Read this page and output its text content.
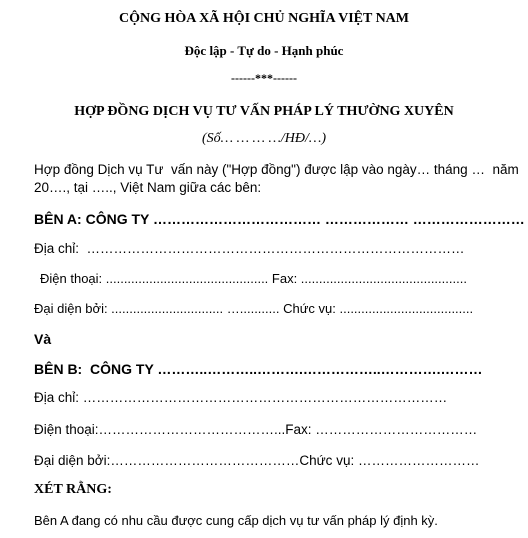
CỘNG HÒA XÃ HỘI CHỦ NGHĨA VIỆT NAM
Độc lập - Tự do - Hạnh phúc
------***------
HỢP ĐỒNG DỊCH VỤ TƯ VẤN PHÁP LÝ THƯỜNG XUYÊN
(Số… … … …/HĐ/…)
Hợp đồng Dịch vụ Tư  vấn này ("Hợp đồng") được lập vào ngày… tháng …  năm
20…., tại ….., Việt Nam giữa các bên:
BÊN A: CÔNG TY ……………………………… ……………… ……………………
Địa chỉ:  …………………………………………………………………………
Điện thoại: ............................................. Fax: ..............................................
Đại diện bởi: ............................... …........... Chức vụ: .....................................
Và
BÊN B:  CÔNG TY ………..………..……….……………..………….………
Địa chỉ: ………………………………………………………………………
Điện thoại:…………………………………...Fax: ………………………………
Đại diện bởi:……………………………………Chức vụ: ………………………
XÉT RẰNG:
Bên A đang có nhu cầu được cung cấp dịch vụ tư vấn pháp lý định kỳ.
